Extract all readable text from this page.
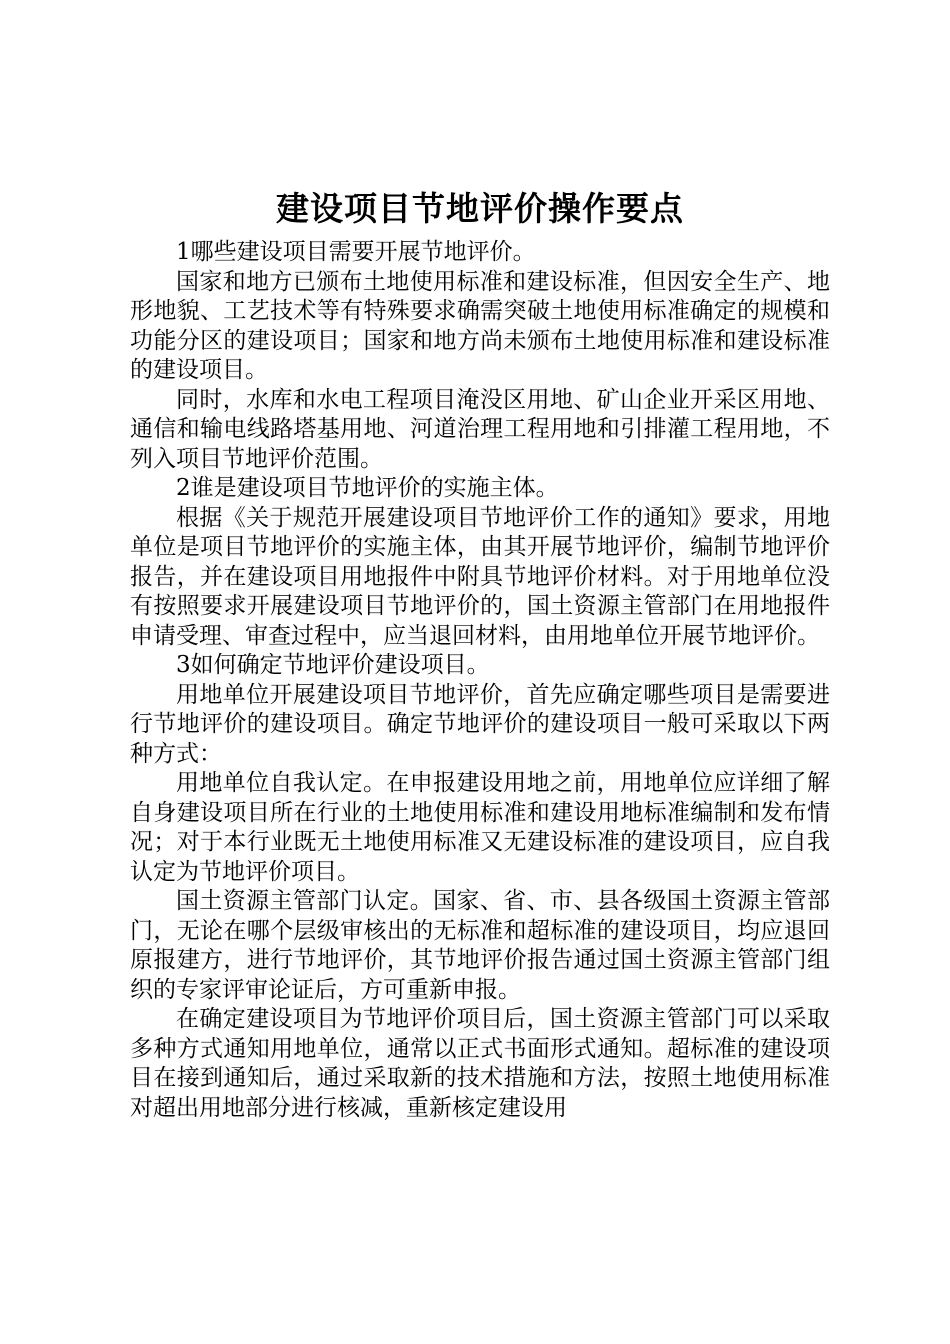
建设项目节地评价操作要点

1哪些建设项目需要开展节地评价。

国家和地方已颁布土地使用标准和建设标准，但因安全生产、地形地貌、工艺技术等有特殊要求确需突破土地使用标准确定的规模和功能分区的建设项目；国家和地方尚未颁布土地使用标准和建设标准的建设项目。

同时，水库和水电工程项目淹没区用地、矿山企业开采区用地、通信和输电线路塔基用地、河道治理工程用地和引排灌工程用地，不列入项目节地评价范围。

2谁是建设项目节地评价的实施主体。

根据《关于规范开展建设项目节地评价工作的通知》要求，用地单位是项目节地评价的实施主体，由其开展节地评价，编制节地评价报告，并在建设项目用地报件中附具节地评价材料。对于用地单位没有按照要求开展建设项目节地评价的，国土资源主管部门在用地报件申请受理、审查过程中，应当退回材料，由用地单位开展节地评价。

3如何确定节地评价建设项目。

用地单位开展建设项目节地评价，首先应确定哪些项目是需要进行节地评价的建设项目。确定节地评价的建设项目一般可采取以下两种方式：

用地单位自我认定。在申报建设用地之前，用地单位应详细了解自身建设项目所在行业的土地使用标准和建设用地标准编制和发布情况；对于本行业既无土地使用标准又无建设标准的建设项目，应自我认定为节地评价项目。

国土资源主管部门认定。国家、省、市、县各级国土资源主管部门，无论在哪个层级审核出的无标准和超标准的建设项目，均应退回原报建方，进行节地评价，其节地评价报告通过国土资源主管部门组织的专家评审论证后，方可重新申报。

在确定建设项目为节地评价项目后，国土资源主管部门可以采取多种方式通知用地单位，通常以正式书面形式通知。超标准的建设项目在接到通知后，通过采取新的技术措施和方法，按照土地使用标准对超出用地部分进行核减，重新核定建设用
